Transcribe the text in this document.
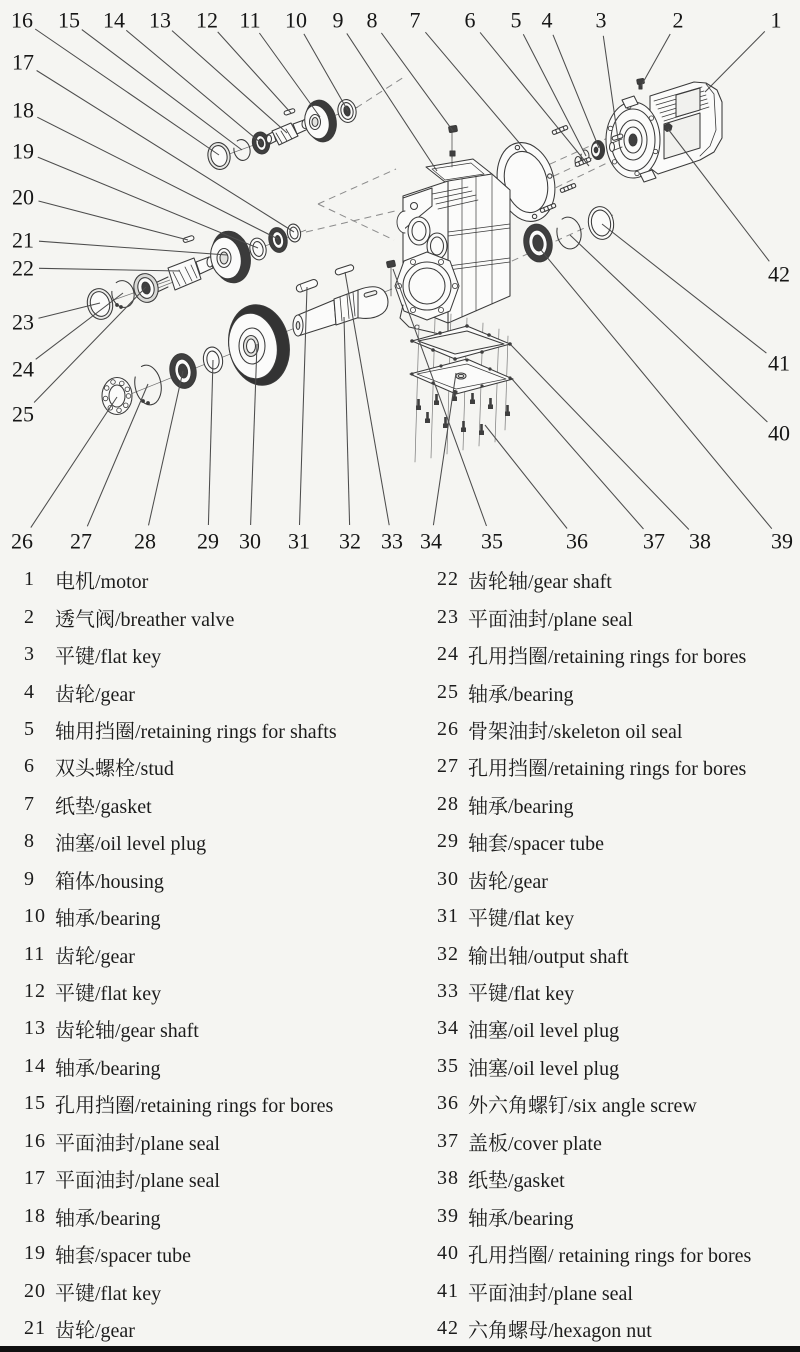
1
2
3
4
5
6
7
8
9
10
11
12
13
14
15
16
17
18
19
20
21
22
23
24
25
26 27 28 29 30 31 32 33 34 35	36	37 38	39
40
41
42
1	电机/motor
2	透气阀/breather valve
3	平键/flat key
4	齿轮/gear
5	轴用挡圈/retaining rings for shafts
6	双头螺栓/stud
7	纸垫/gasket
8	油塞/oil level plug
9	箱体/housing
10 轴承/bearing
11 齿轮/gear
12 平键/flat key
13 齿轮轴/gear shaft
14 轴承/bearing
15 孔用挡圈/retaining rings for bores
16 平面油封/plane seal
17 平面油封/plane seal
18 轴承/bearing
19 轴套/spacer tube
20 平键/flat key
21 齿轮/gear
22 齿轮轴/gear shaft
23 平面油封/plane seal
24 孔用挡圈/retaining rings for bores
25 轴承/bearing
26 骨架油封/skeleton oil seal
27 孔用挡圈/retaining rings for bores
28 轴承/bearing
29 轴套/spacer tube
30 齿轮/gear
31 平键/flat key
32 输出轴/output shaft
33 平键/flat key
34 油塞/oil level plug
35 油塞/oil level plug
36 外六角螺钉/six angle screw
37 盖板/cover plate
38 纸垫/gasket
39 轴承/bearing
40 孔用挡圈/ retaining rings for bores
41 平面油封/plane seal
42 六角螺母/hexagon nut
